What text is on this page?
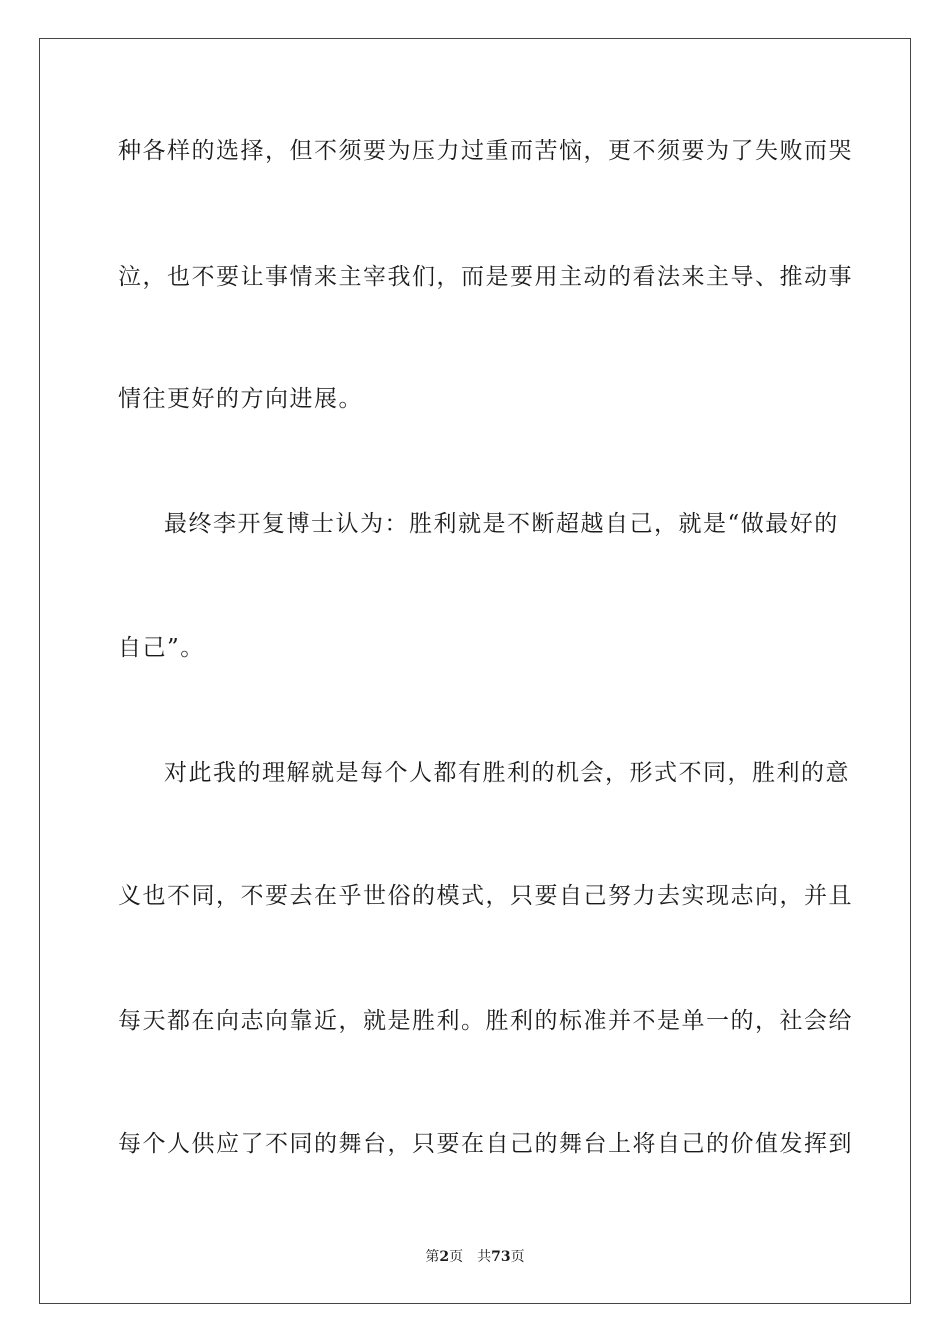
种各样的选择，但不须要为压力过重而苦恼，更不须要为了失败而哭
泣，也不要让事情来主宰我们，而是要用主动的看法来主导、推动事
情往更好的方向进展。
最终李开复博士认为：胜利就是不断超越自己，就是“做最好的
自己”。
对此我的理解就是每个人都有胜利的机会，形式不同，胜利的意
义也不同，不要去在乎世俗的模式，只要自己努力去实现志向，并且
每天都在向志向靠近，就是胜利。胜利的标准并不是单一的，社会给
每个人供应了不同的舞台，只要在自己的舞台上将自己的价值发挥到
第2页 共73页
